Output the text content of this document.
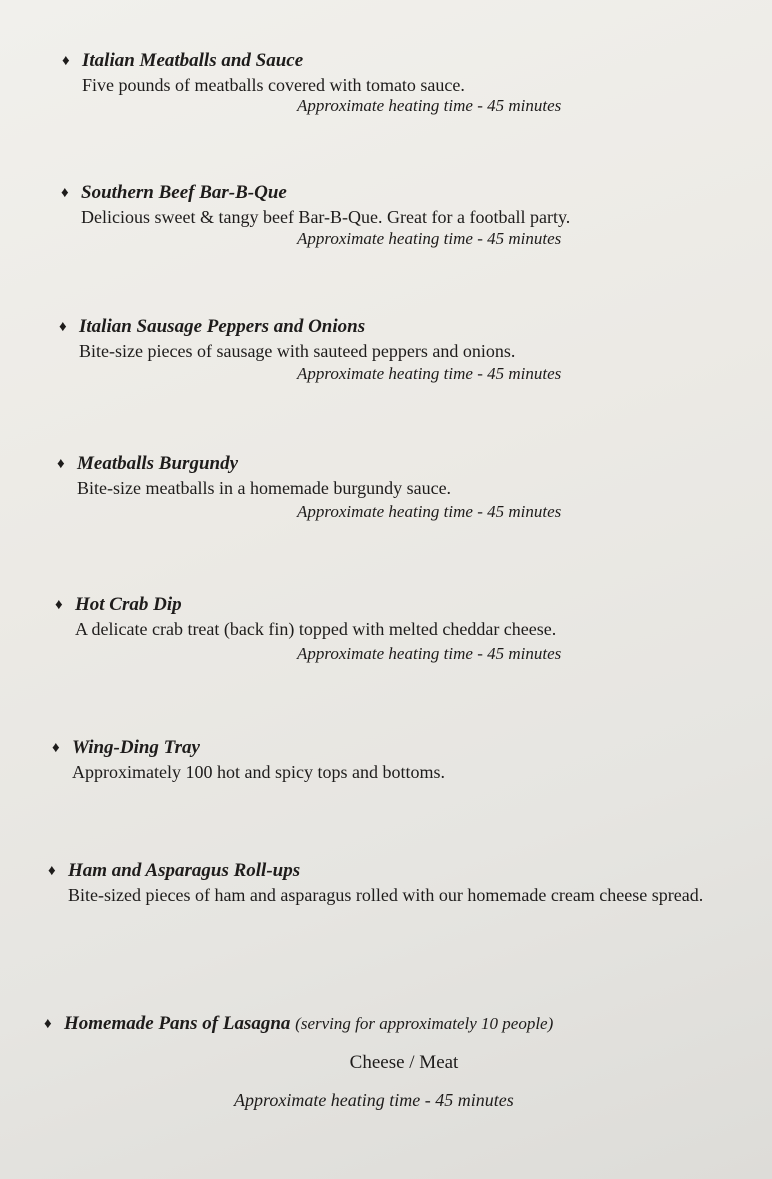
♦ Italian Meatballs and Sauce
Five pounds of meatballs covered with tomato sauce.
Approximate heating time - 45 minutes
♦ Southern Beef Bar-B-Que
Delicious sweet & tangy beef Bar-B-Que. Great for a football party.
Approximate heating time - 45 minutes
♦ Italian Sausage Peppers and Onions
Bite-size pieces of sausage with sauteed peppers and onions.
Approximate heating time - 45 minutes
♦ Meatballs Burgundy
Bite-size meatballs in a homemade burgundy sauce.
Approximate heating time - 45 minutes
♦ Hot Crab Dip
A delicate crab treat (back fin) topped with melted cheddar cheese.
Approximate heating time - 45 minutes
♦ Wing-Ding Tray
Approximately 100 hot and spicy tops and bottoms.
♦ Ham and Asparagus Roll-ups
Bite-sized pieces of ham and asparagus rolled with our homemade cream cheese spread.
♦ Homemade Pans of Lasagna (serving for approximately 10 people)
Cheese / Meat
Approximate heating time - 45 minutes
